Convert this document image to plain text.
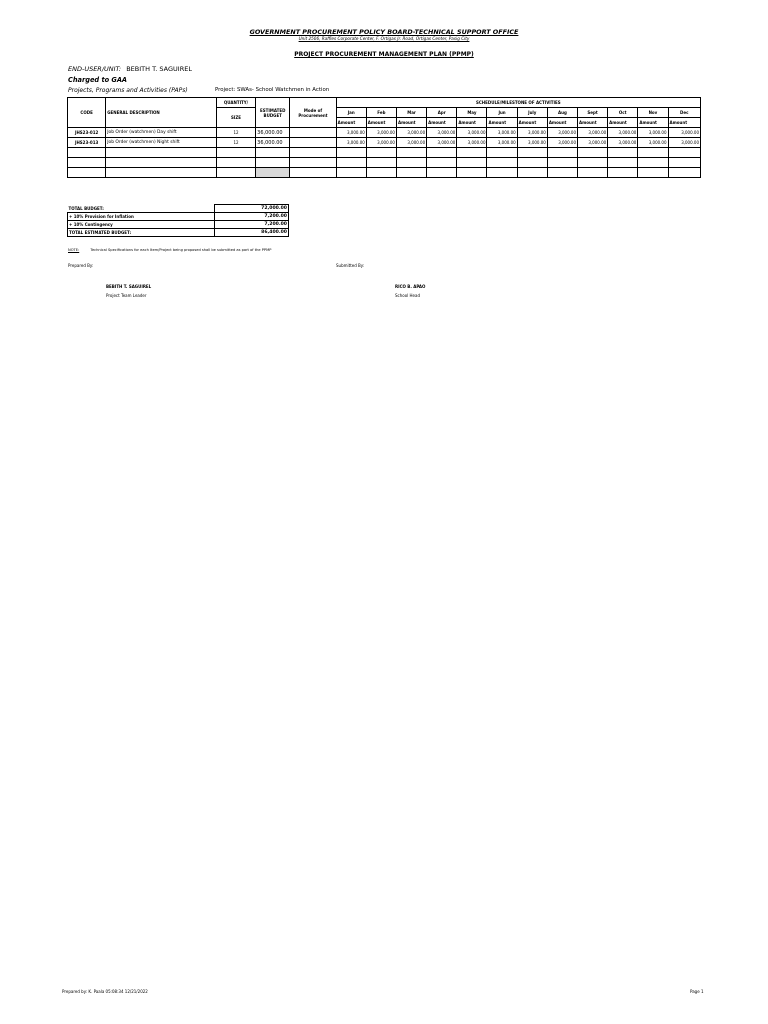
GOVERNMENT PROCUREMENT POLICY BOARD-TECHNICAL SUPPORT OFFICE
Unit 2506, Raffles Corporate Center, F. Ortigas Jr. Road, Ortigas Center, Pasig City
PROJECT PROCUREMENT MANAGEMENT PLAN (PPMP)
END-USER/UNIT: BEBITH T. SAGUIREL
Charged to GAA
Projects, Programs and Activities (PAPs)	Project: SWAs- School Watchmen in Action
CODE	GENERAL DESCRIPTION	QUANTITY/	ESTIMATED BUDGET	Mode of Procurement	SCHEDULE/MILESTONE OF ACTIVITIES											
		SIZE			Jan	Feb	Mar	Apr	May	Jun	July	Aug	Sept	Oct	Nov	Dec
					Amount	Amount	Amount	Amount	Amount	Amount	Amount	Amount	Amount	Amount	Amount	Amount
JHS23-012	Job Order (watchmen) Day shift	12	36,000.00		3,000.00	3,000.00	3,000.00	3,000.00	3,000.00	3,000.00	3,000.00	3,000.00	3,000.00	3,000.00	3,000.00	3,000.00
JHS23-013	Job Order (watchmen) Night shift	12	36,000.00		3,000.00	3,000.00	3,000.00	3,000.00	3,000.00	3,000.00	3,000.00	3,000.00	3,000.00	3,000.00	3,000.00	3,000.00

TOTAL BUDGET:	72,000.00
+ 10% Provision for Inflation	7,200.00
+ 10% Contingency	7,200.00
TOTAL ESTIMATED BUDGET:	86,400.00
NOTE:	Technical Specifications for each Item/Project being proposed shall be submitted as part of the PPMP
Prepared By:	Submitted By:
BEBITH T. SAGUIREL
Project Team Leader
RICO B. APAO
School Head
Prepared by: K. Paala 05:08:34 12/21/2022	Page 1
